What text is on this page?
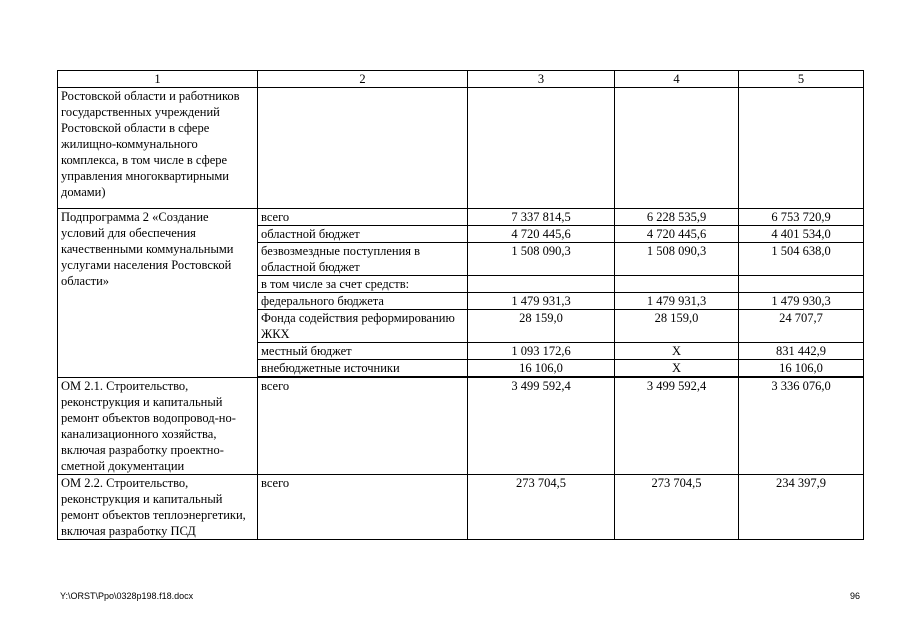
1	2	3	4	5
Ростовской области и работников государственных учреждений Ростовской области в сфере жилищно-коммунального комплекса, в том числе в сфере управления многоквартирными домами)				
Подпрограмма 2 «Создание условий для обеспечения качественными коммунальными услугами населения Ростовской области»	всего	7 337 814,5	6 228 535,9	6 753 720,9
	областной бюджет	4 720 445,6	4 720 445,6	4 401 534,0
	безвозмездные поступления в областной бюджет	1 508 090,3	1 508 090,3	1 504 638,0
	в том числе за счет средств:			
	федерального бюджета	1 479 931,3	1 479 931,3	1 479 930,3
	Фонда содействия реформированию ЖКХ	28 159,0	28 159,0	24 707,7
	местный бюджет	1 093 172,6	X	831 442,9
	внебюджетные источники	16 106,0	X	16 106,0

ОМ 2.1. Строительство, реконструкция и капитальный ремонт объектов водопровод-но-канализационного хозяйства, включая разработку проектно-сметной документации	всего	3 499 592,4	3 499 592,4	3 336 076,0
ОМ 2.2. Строительство, реконструкция и капитальный ремонт объектов теплоэнергетики, включая разработку ПСД	всего	273 704,5	273 704,5	234 397,9
Y:\ORST\Ppo\0328p198.f18.docx	96
